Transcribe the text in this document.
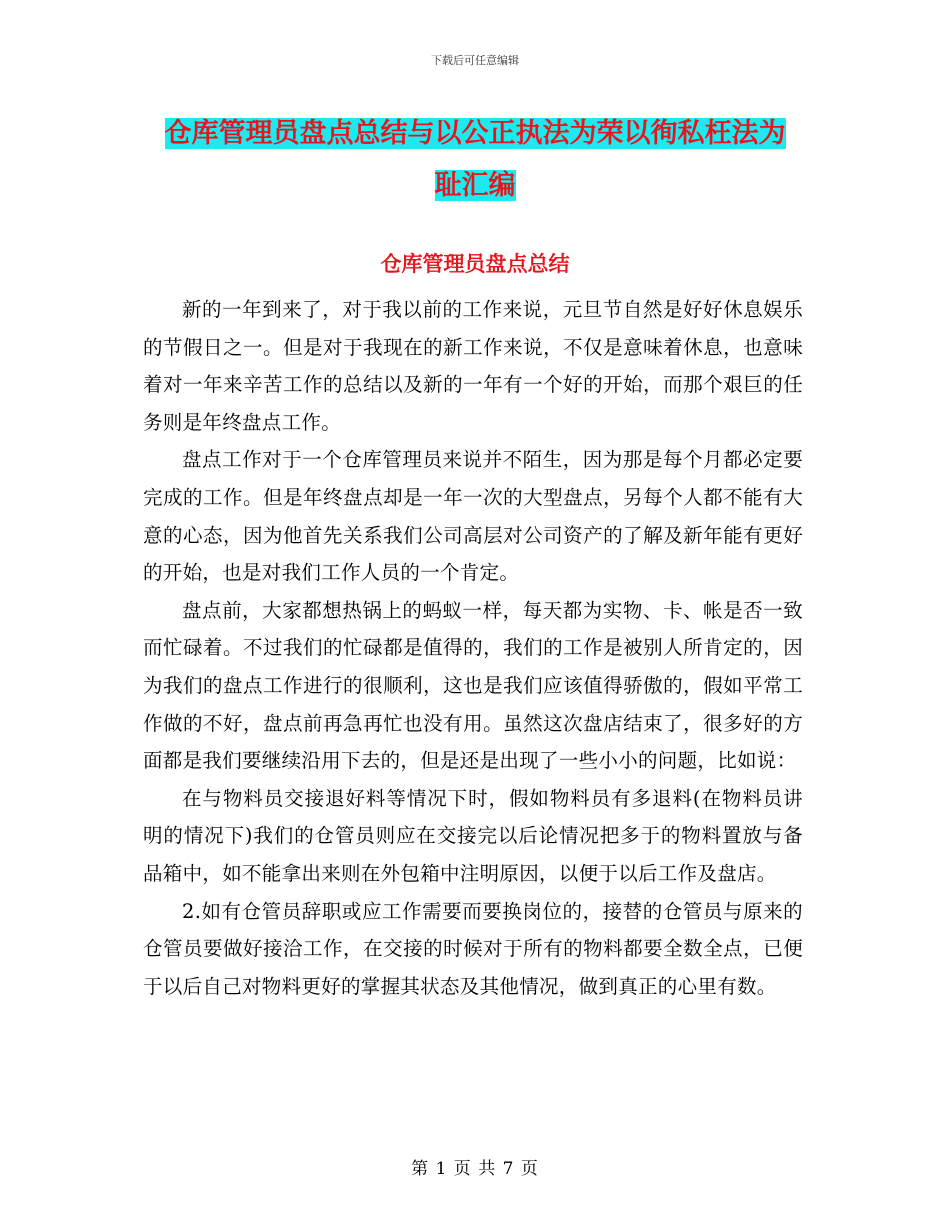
下载后可任意编辑
仓库管理员盘点总结与以公正执法为荣以徇私枉法为
耻汇编
仓库管理员盘点总结

新的一年到来了，对于我以前的工作来说，元旦节自然是好好休息娱乐的节假日之一。但是对于我现在的新工作来说，不仅是意味着休息，也意味着对一年来辛苦工作的总结以及新的一年有一个好的开始，而那个艰巨的任务则是年终盘点工作。

盘点工作对于一个仓库管理员来说并不陌生，因为那是每个月都必定要完成的工作。但是年终盘点却是一年一次的大型盘点，另每个人都不能有大意的心态，因为他首先关系我们公司高层对公司资产的了解及新年能有更好的开始，也是对我们工作人员的一个肯定。

盘点前，大家都想热锅上的蚂蚁一样，每天都为实物、卡、帐是否一致而忙碌着。不过我们的忙碌都是值得的，我们的工作是被别人所肯定的，因为我们的盘点工作进行的很顺利，这也是我们应该值得骄傲的，假如平常工作做的不好，盘点前再急再忙也没有用。虽然这次盘店结束了，很多好的方面都是我们要继续沿用下去的，但是还是出现了一些小小的问题，比如说：

在与物料员交接退好料等情况下时，假如物料员有多退料(在物料员讲明的情况下)我们的仓管员则应在交接完以后论情况把多于的物料置放与备品箱中，如不能拿出来则在外包箱中注明原因，以便于以后工作及盘店。

2.如有仓管员辞职或应工作需要而要换岗位的，接替的仓管员与原来的仓管员要做好接洽工作，在交接的时候对于所有的物料都要全数全点，已便于以后自己对物料更好的掌握其状态及其他情况，做到真正的心里有数。

第 1 页 共 7 页
